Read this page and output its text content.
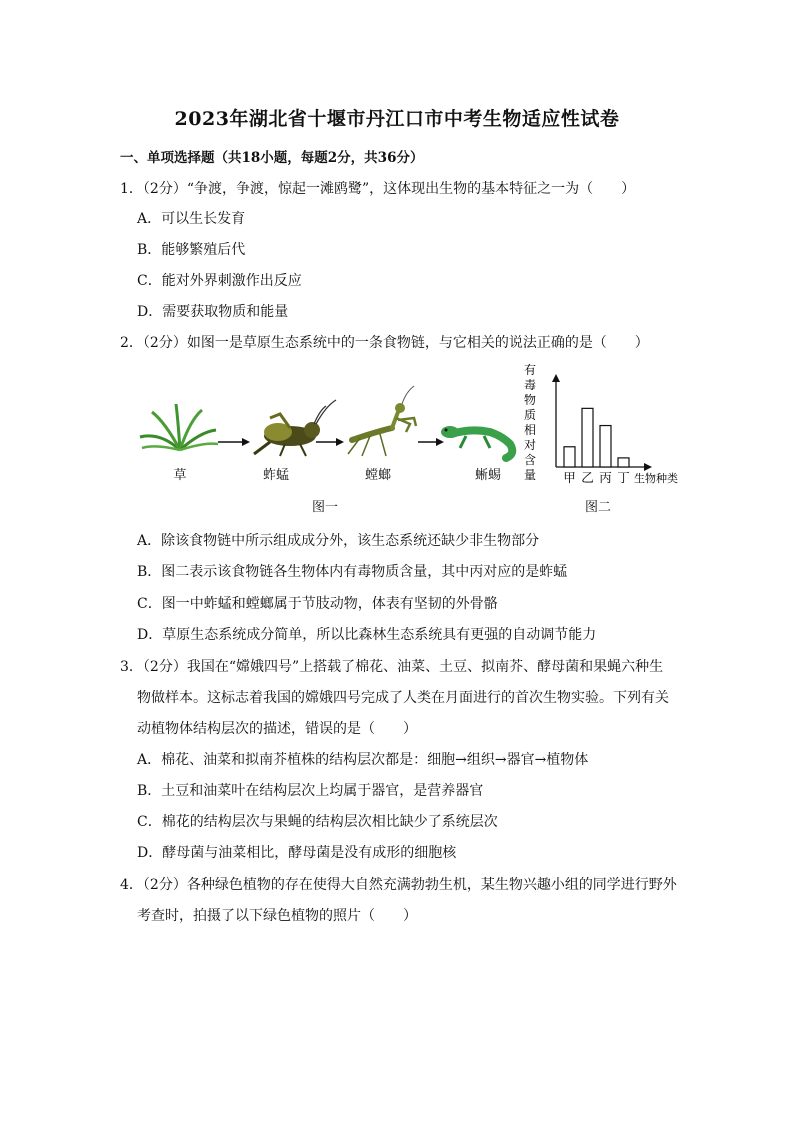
2023年湖北省十堰市丹江口市中考生物适应性试卷
一、单项选择题（共18小题，每题2分，共36分）
1．（2分）“争渡，争渡，惊起一滩鸥鹭”，这体现出生物的基本特征之一为（　　）
A．可以生长发育
B．能够繁殖后代
C．能对外界刺激作出反应
D．需要获取物质和能量
2．（2分）如图一是草原生态系统中的一条食物链，与它相关的说法正确的是（　　）
草	蚱蜢	螳螂	蜥蜴
图一
有
毒
物
质
相
对
含
量 甲 乙 丙 丁 生物种类
图二
A．除该食物链中所示组成成分外，该生态系统还缺少非生物部分
B．图二表示该食物链各生物体内有毒物质含量，其中丙对应的是蚱蜢
C．图一中蚱蜢和螳螂属于节肢动物，体表有坚韧的外骨骼
D．草原生态系统成分简单，所以比森林生态系统具有更强的自动调节能力
3．（2分）我国在“嫦娥四号”上搭载了棉花、油菜、土豆、拟南芥、酵母菌和果蝇六种生
物做样本。这标志着我国的嫦娥四号完成了人类在月面进行的首次生物实验。下列有关
动植物体结构层次的描述，错误的是（　　）
A．棉花、油菜和拟南芥植株的结构层次都是：细胞→组织→器官→植物体
B．土豆和油菜叶在结构层次上均属于器官，是营养器官
C．棉花的结构层次与果蝇的结构层次相比缺少了系统层次
D．酵母菌与油菜相比，酵母菌是没有成形的细胞核
4．（2分）各种绿色植物的存在使得大自然充满勃勃生机，某生物兴趣小组的同学进行野外
考查时，拍摄了以下绿色植物的照片（　　）
